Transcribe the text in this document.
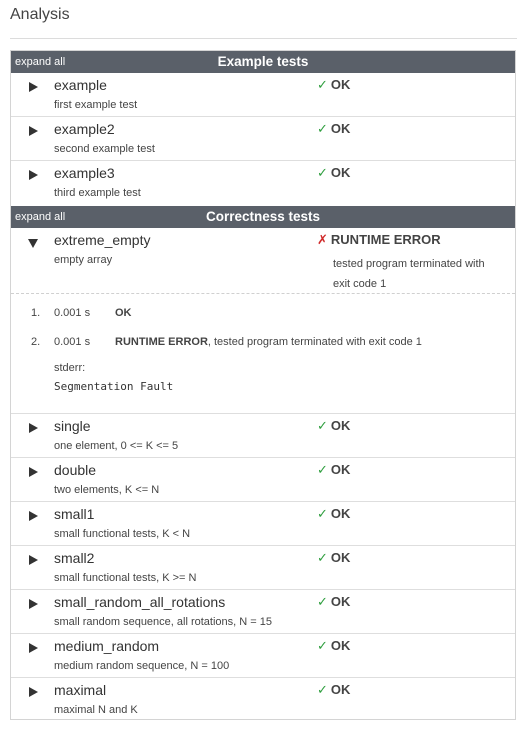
Analysis
expand all	Example tests
example
first example test
✓ OK
example2
second example test
✓ OK
example3
third example test
✓ OK
expand all	Correctness tests
extreme_empty
empty array
✗ RUNTIME ERROR
tested program terminated with exit code 1
1. 0.001 s OK
2. 0.001 s RUNTIME ERROR, tested program terminated with exit code 1
stderr:
Segmentation Fault
single
one element, 0 <= K <= 5
✓ OK
double
two elements, K <= N
✓ OK
small1
small functional tests, K < N
✓ OK
small2
small functional tests, K >= N
✓ OK
small_random_all_rotations
small random sequence, all rotations, N = 15
✓ OK
medium_random
medium random sequence, N = 100
✓ OK
maximal
maximal N and K
✓ OK
